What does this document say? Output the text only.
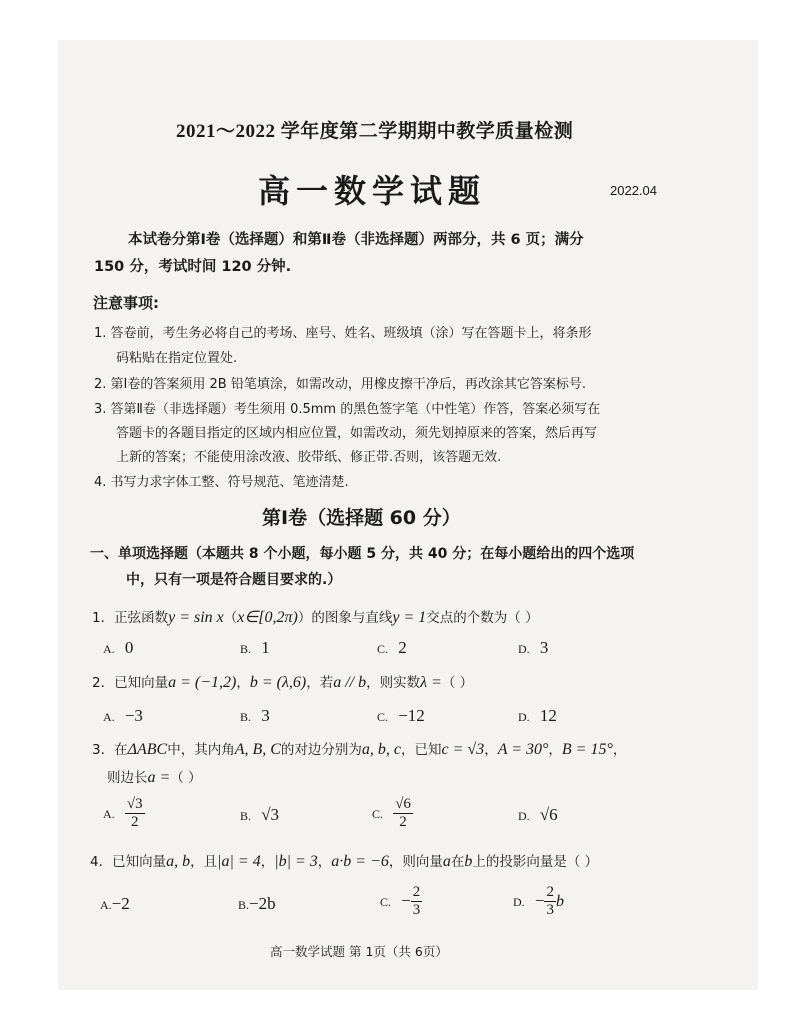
2021～2022 学年度第二学期期中教学质量检测
高一数学试题	2022.04
本试卷分第Ⅰ卷（选择题）和第Ⅱ卷（非选择题）两部分，共 6 页；满分
150 分，考试时间 120 分钟.
注意事项:
1. 答卷前，考生务必将自己的考场、座号、姓名、班级填（涂）写在答题卡上，将条形
码粘贴在指定位置处.
2. 第Ⅰ卷的答案须用 2B 铅笔填涂，如需改动，用橡皮擦干净后，再改涂其它答案标号.
3. 答第Ⅱ卷（非选择题）考生须用 0.5mm 的黑色签字笔（中性笔）作答，答案必须写在
答题卡的各题目指定的区域内相应位置，如需改动，须先划掉原来的答案，然后再写
上新的答案；不能使用涂改液、胶带纸、修正带.否则，该答题无效.
4. 书写力求字体工整、符号规范、笔迹清楚.
第Ⅰ卷（选择题 60 分）
一、单项选择题（本题共 8 个小题，每小题 5 分，共 40 分；在每小题给出的四个选项
中，只有一项是符合题目要求的.）
1．正弦函数y = sin x（x∈[0,2π)）的图象与直线y = 1交点的个数为（ ）
A. 0	B. 1	C. 2	D. 3
2．已知向量a = (−1,2)，b = (λ,6)，若a // b，则实数λ =（ ）
A. −3	B. 3	C. −12	D. 12
3．在ΔABC中，其内角A, B, C的对边分别为a, b, c，已知c = √3，A = 30°，B = 15°，
则边长a =（ ）
A. $\frac{√3}{2}$	B. √3	C. $\frac{√6}{2}$	D. √6
4．已知向量a, b，且|a| = 4，|b| = 3，a·b = −6，则向量a在b上的投影向量是（ ）
A.−2	B.−2b	C. − $\frac{2}{3}$	D. − $\frac{2}{3}$ b
高一数学试题 第 1页（共 6页）
